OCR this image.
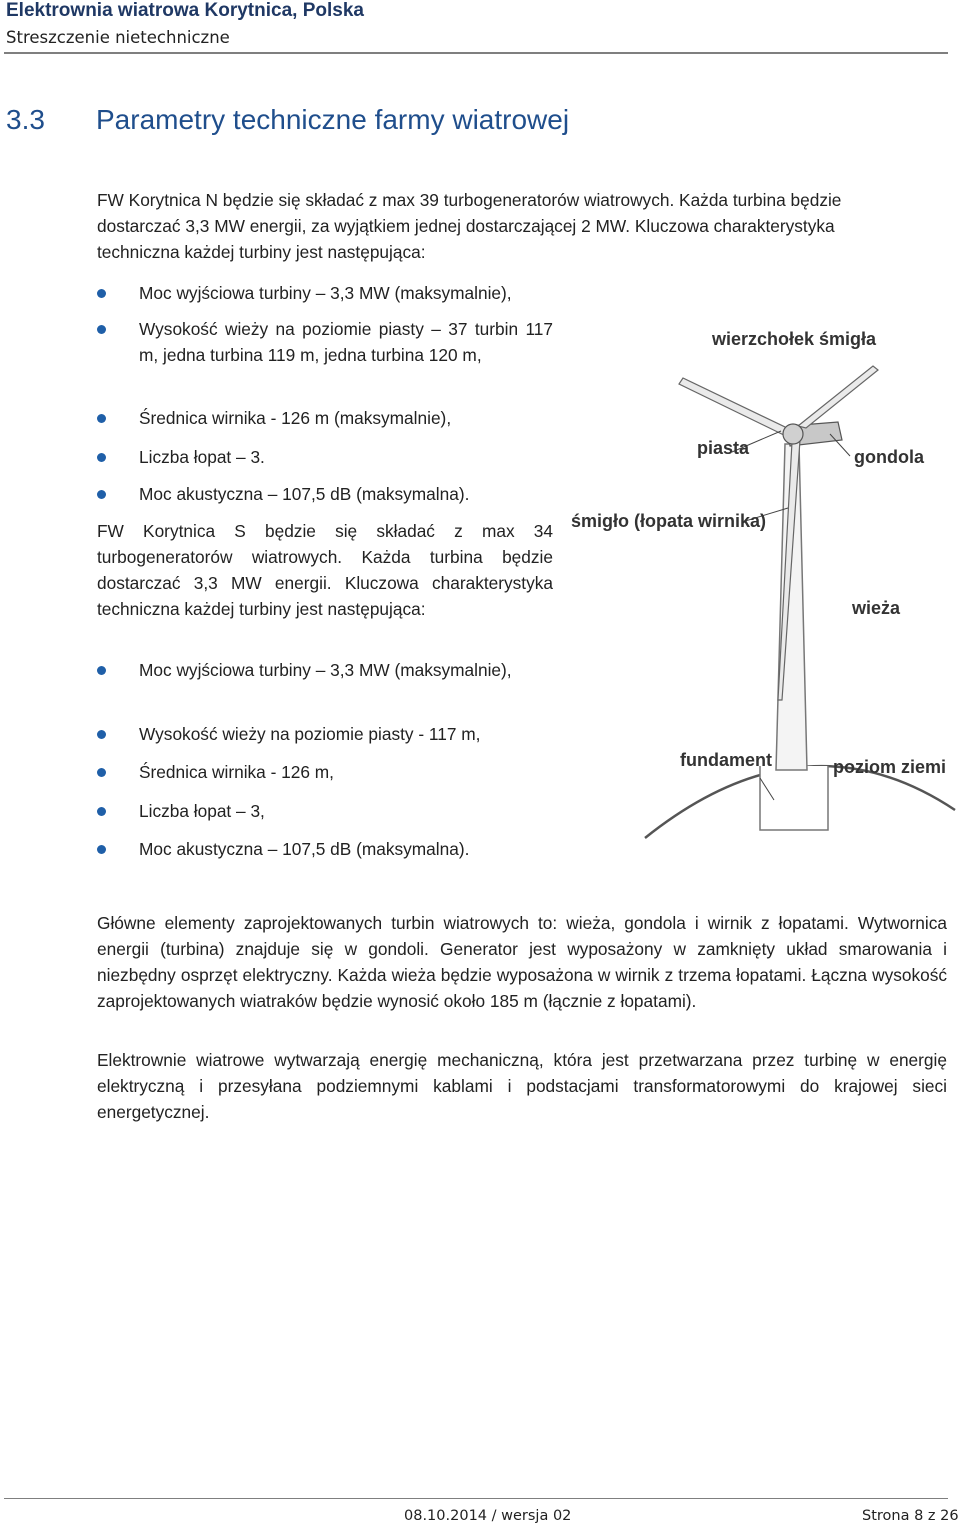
Elektrownia wiatrowa Korytnica, Polska
Streszczenie nietechniczne
3.3 Parametry techniczne farmy wiatrowej
FW Korytnica N będzie się składać z max 39 turbogeneratorów wiatrowych. Każda turbina będzie
dostarczać 3,3 MW energii, za wyjątkiem jednej dostarczającej 2 MW. Kluczowa charakterystyka
techniczna każdej turbiny jest następująca:
Moc wyjściowa turbiny – 3,3 MW (maksymalnie),
Wysokość wieży na poziomie piasty – 37 turbin 117 m, jedna turbina 119 m, jedna turbina 120 m,
Średnica wirnika - 126 m (maksymalnie),
Liczba łopat – 3.
Moc akustyczna – 107,5 dB (maksymalna).
FW Korytnica S będzie się składać z max 34 turbogeneratorów wiatrowych. Każda turbina będzie dostarczać 3,3 MW energii. Kluczowa charakterystyka techniczna każdej turbiny jest następująca:
Moc wyjściowa turbiny – 3,3 MW (maksymalnie),
Wysokość wieży na poziomie piasty - 117 m,
Średnica wirnika - 126 m,
Liczba łopat – 3,
Moc akustyczna – 107,5 dB (maksymalna).
wierzchołek śmigła
piasta	gondola
śmigło (łopata wirnika)
wieża
fundament	poziom ziemi
Główne elementy zaprojektowanych turbin wiatrowych to: wieża, gondola i wirnik z łopatami. Wytwornica energii (turbina) znajduje się w gondoli. Generator jest wyposażony w zamknięty układ smarowania i niezbędny osprzęt elektryczny. Każda wieża będzie wyposażona w wirnik z trzema łopatami. Łączna wysokość zaprojektowanych wiatraków będzie wynosić około 185 m (łącznie z łopatami).
Elektrownie wiatrowe wytwarzają energię mechaniczną, która jest przetwarzana przez turbinę w energię elektryczną i przesyłana podziemnymi kablami i podstacjami transformatorowymi do krajowej sieci energetycznej.
08.10.2014 / wersja 02	Strona 8 z 26
